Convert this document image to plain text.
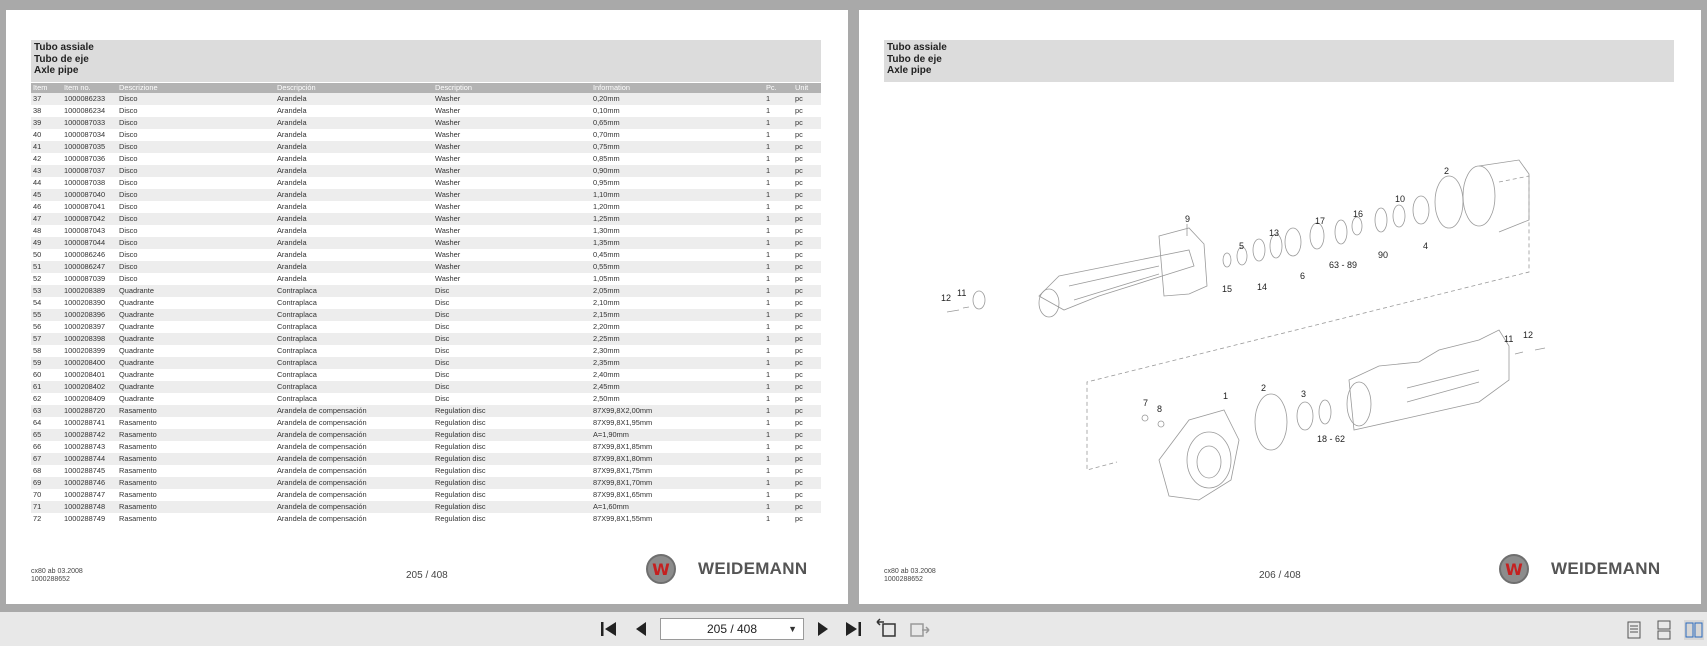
Tubo assiale
Tubo de eje
Axle pipe
Item	Item no.	Descrizione	Descripción	Description	Information	Pc.	Unit
37	1000086233	Disco	Arandela	Washer	0,20mm	1	pc
38	1000086234	Disco	Arandela	Washer	0,10mm	1	pc
39	1000087033	Disco	Arandela	Washer	0,65mm	1	pc
40	1000087034	Disco	Arandela	Washer	0,70mm	1	pc
41	1000087035	Disco	Arandela	Washer	0,75mm	1	pc
42	1000087036	Disco	Arandela	Washer	0,85mm	1	pc
43	1000087037	Disco	Arandela	Washer	0,90mm	1	pc
44	1000087038	Disco	Arandela	Washer	0,95mm	1	pc
45	1000087040	Disco	Arandela	Washer	1,10mm	1	pc
46	1000087041	Disco	Arandela	Washer	1,20mm	1	pc
47	1000087042	Disco	Arandela	Washer	1,25mm	1	pc
48	1000087043	Disco	Arandela	Washer	1,30mm	1	pc
49	1000087044	Disco	Arandela	Washer	1,35mm	1	pc
50	1000086246	Disco	Arandela	Washer	0,45mm	1	pc
51	1000086247	Disco	Arandela	Washer	0,55mm	1	pc
52	1000087039	Disco	Arandela	Washer	1,05mm	1	pc
53	1000208389	Quadrante	Contraplaca	Disc	2,05mm	1	pc
54	1000208390	Quadrante	Contraplaca	Disc	2,10mm	1	pc
55	1000208396	Quadrante	Contraplaca	Disc	2,15mm	1	pc
56	1000208397	Quadrante	Contraplaca	Disc	2,20mm	1	pc
57	1000208398	Quadrante	Contraplaca	Disc	2,25mm	1	pc
58	1000208399	Quadrante	Contraplaca	Disc	2,30mm	1	pc
59	1000208400	Quadrante	Contraplaca	Disc	2,35mm	1	pc
60	1000208401	Quadrante	Contraplaca	Disc	2,40mm	1	pc
61	1000208402	Quadrante	Contraplaca	Disc	2,45mm	1	pc
62	1000208409	Quadrante	Contraplaca	Disc	2,50mm	1	pc
63	1000288720	Rasamento	Arandela de compensación	Regulation disc	87X99,8X2,00mm	1	pc
64	1000288741	Rasamento	Arandela de compensación	Regulation disc	87X99,8X1,95mm	1	pc
65	1000288742	Rasamento	Arandela de compensación	Regulation disc	A=1,90mm	1	pc
66	1000288743	Rasamento	Arandela de compensación	Regulation disc	87X99,8X1,85mm	1	pc
67	1000288744	Rasamento	Arandela de compensación	Regulation disc	87X99,8X1,80mm	1	pc
68	1000288745	Rasamento	Arandela de compensación	Regulation disc	87X99,8X1,75mm	1	pc
69	1000288746	Rasamento	Arandela de compensación	Regulation disc	87X99,8X1,70mm	1	pc
70	1000288747	Rasamento	Arandela de compensación	Regulation disc	87X99,8X1,65mm	1	pc
71	1000288748	Rasamento	Arandela de compensación	Regulation disc	A=1,60mm	1	pc
72	1000288749	Rasamento	Arandela de compensación	Regulation disc	87X99,8X1,55mm	1	pc
cx80 ab 03.2008
1000288652	205 / 408	W	WEIDEMANN
Tubo assiale
Tubo de eje
Axle pipe
2
9
10
16
17
5
13
4
90
63 - 89
15	14
6
12 11
11 12
7
8
1
2
3
18 - 62
cx80 ab 03.2008
1000288652	206 / 408	W	WEIDEMANN
205 / 408	▼
